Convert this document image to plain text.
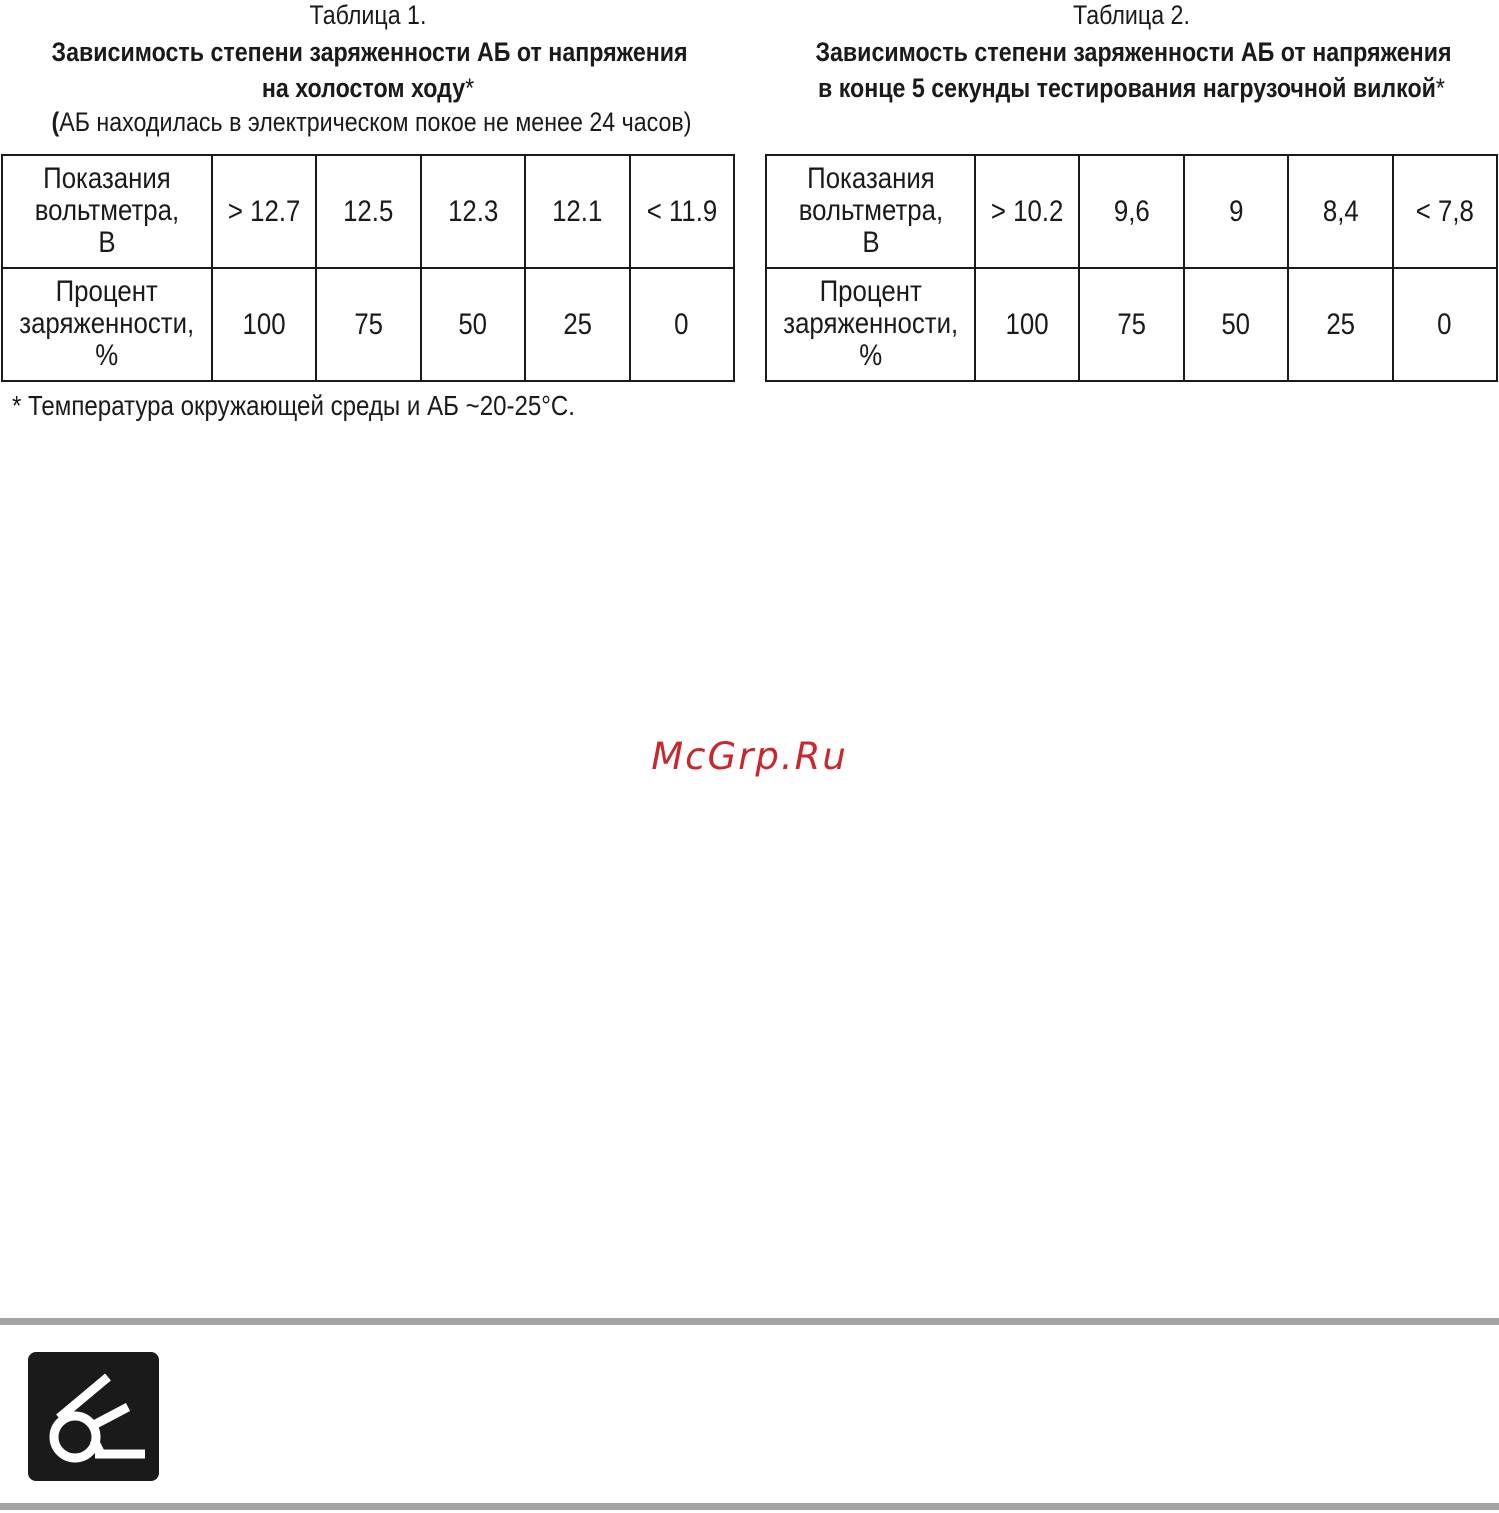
Таблица 1.
Зависимость степени заряженности АБ от напряжения
на холостом ходу*
(АБ находилась в электрическом покое не менее 24 часов)
Показания
вольтметра,
В	> 12.7	12.5	12.3	12.1	< 11.9

Процент
заряженности,
%	100	75	50	25	0
* Температура окружающей среды и АБ ~20-25°С.
Таблица 2.
Зависимость степени заряженности АБ от напряжения
в конце 5 секунды тестирования нагрузочной вилкой*
Показания
вольтметра,
В	> 10.2	9,6	9	8,4	< 7,8

Процент
заряженности,
%	100	75	50	25	0
McGrp.Ru
